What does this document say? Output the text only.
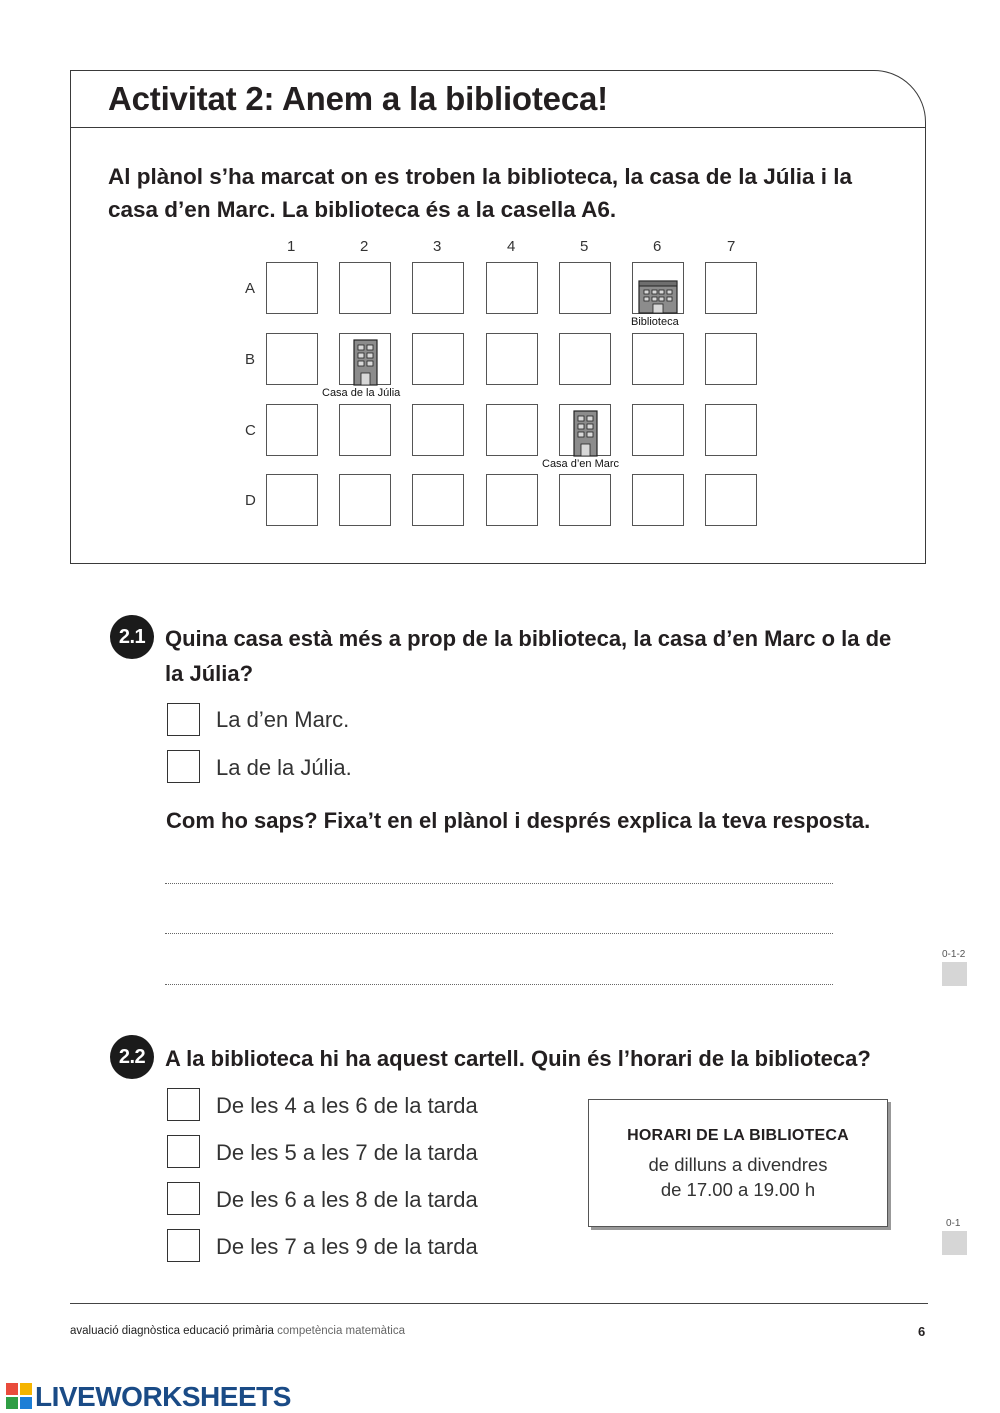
Activitat 2: Anem a la biblioteca!
Al plànol s’ha marcat on es troben la biblioteca, la casa de la Júlia i la casa d’en Marc. La biblioteca és a la casella A6.
1	2	3	4	5	6	7
A
B
C
D
Biblioteca
Casa de la Júlia
Casa d’en Marc
2.1 Quina casa està més a prop de la biblioteca, la casa d’en Marc o la de la Júlia?
La d’en Marc.
La de la Júlia.
Com ho saps? Fixa’t en el plànol i després explica la teva resposta.
0-1-2
2.2 A la biblioteca hi ha aquest cartell. Quin és l’horari de la biblioteca?
De les 4 a les 6 de la tarda
De les 5 a les 7 de la tarda
De les 6 a les 8 de la tarda
De les 7 a les 9 de la tarda
HORARI DE LA BIBLIOTECA
de dilluns a divendres
de 17.00 a 19.00 h
0-1
avaluació diagnòstica educació primària competència matemàtica	6
LIVEWORKSHEETS
